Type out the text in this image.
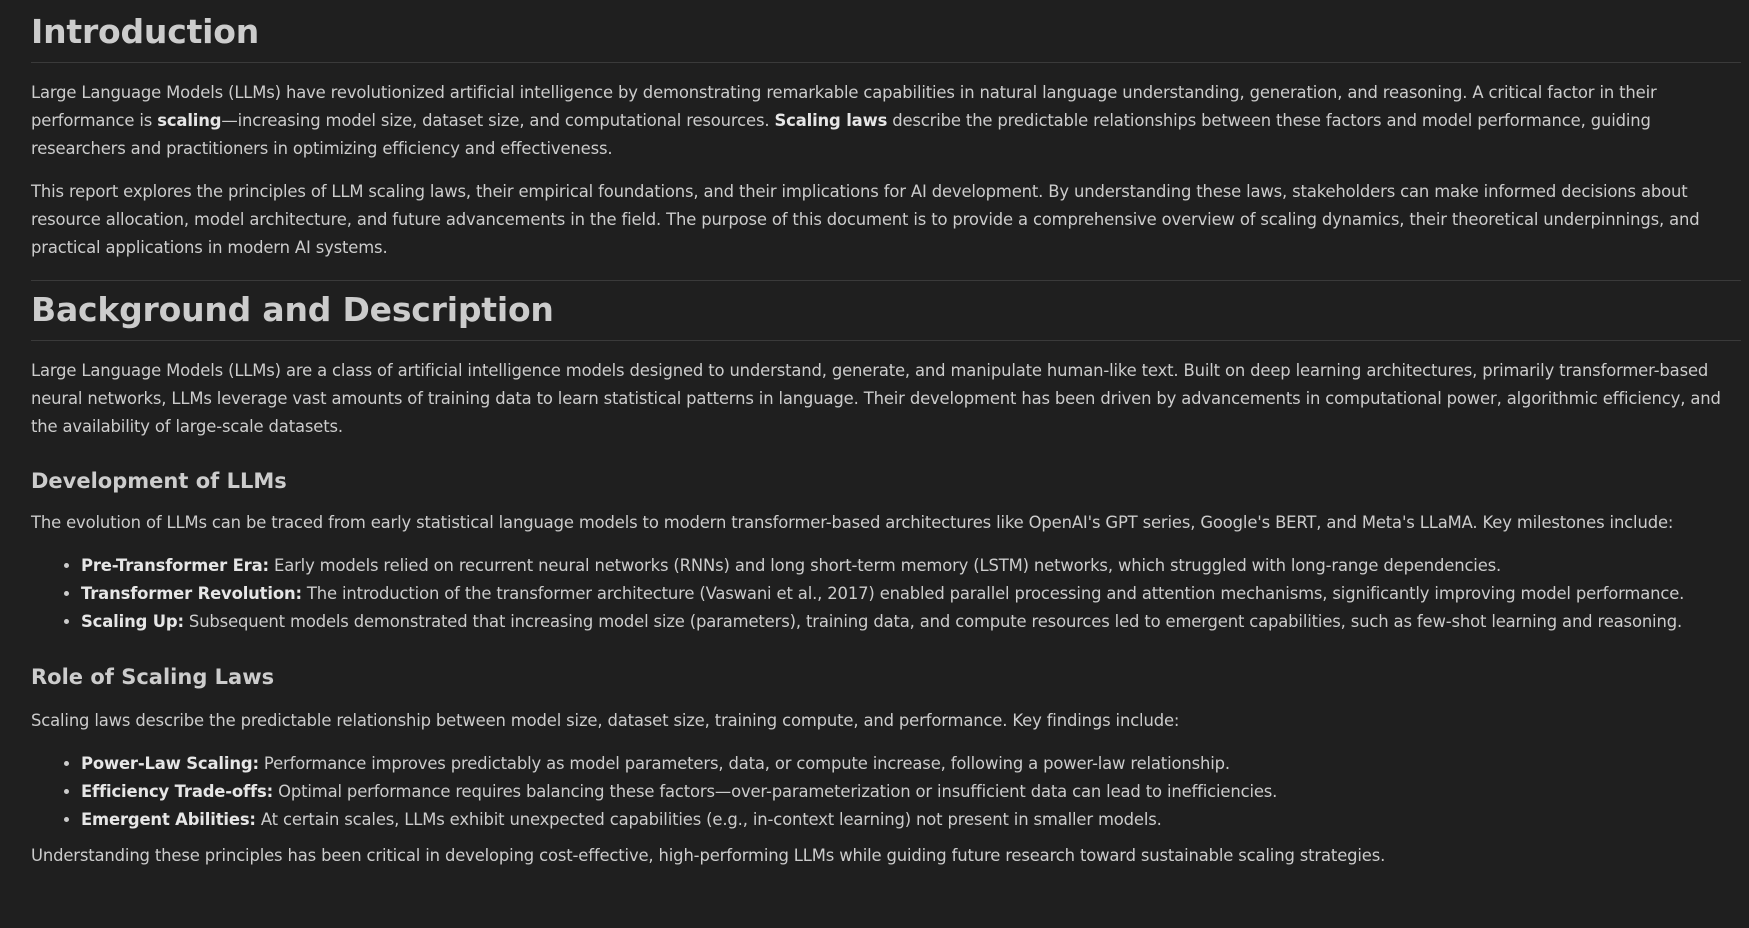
Introduction

Large Language Models (LLMs) have revolutionized artificial intelligence by demonstrating remarkable capabilities in natural language understanding, generation, and reasoning. A critical factor in their performance is scaling—increasing model size, dataset size, and computational resources. Scaling laws describe the predictable relationships between these factors and model performance, guiding researchers and practitioners in optimizing efficiency and effectiveness.

This report explores the principles of LLM scaling laws, their empirical foundations, and their implications for AI development. By understanding these laws, stakeholders can make informed decisions about resource allocation, model architecture, and future advancements in the field. The purpose of this document is to provide a comprehensive overview of scaling dynamics, their theoretical underpinnings, and practical applications in modern AI systems.

Background and Description

Large Language Models (LLMs) are a class of artificial intelligence models designed to understand, generate, and manipulate human-like text. Built on deep learning architectures, primarily transformer-based neural networks, LLMs leverage vast amounts of training data to learn statistical patterns in language. Their development has been driven by advancements in computational power, algorithmic efficiency, and the availability of large-scale datasets.

Development of LLMs

The evolution of LLMs can be traced from early statistical language models to modern transformer-based architectures like OpenAI's GPT series, Google's BERT, and Meta's LLaMA. Key milestones include:

• Pre-Transformer Era: Early models relied on recurrent neural networks (RNNs) and long short-term memory (LSTM) networks, which struggled with long-range dependencies.
• Transformer Revolution: The introduction of the transformer architecture (Vaswani et al., 2017) enabled parallel processing and attention mechanisms, significantly improving model performance.
• Scaling Up: Subsequent models demonstrated that increasing model size (parameters), training data, and compute resources led to emergent capabilities, such as few-shot learning and reasoning.
Role of Scaling Laws

Scaling laws describe the predictable relationship between model size, dataset size, training compute, and performance. Key findings include:

• Power-Law Scaling: Performance improves predictably as model parameters, data, or compute increase, following a power-law relationship.
• Efficiency Trade-offs: Optimal performance requires balancing these factors—over-parameterization or insufficient data can lead to inefficiencies.
• Emergent Abilities: At certain scales, LLMs exhibit unexpected capabilities (e.g., in-context learning) not present in smaller models.

Understanding these principles has been critical in developing cost-effective, high-performing LLMs while guiding future research toward sustainable scaling strategies.
